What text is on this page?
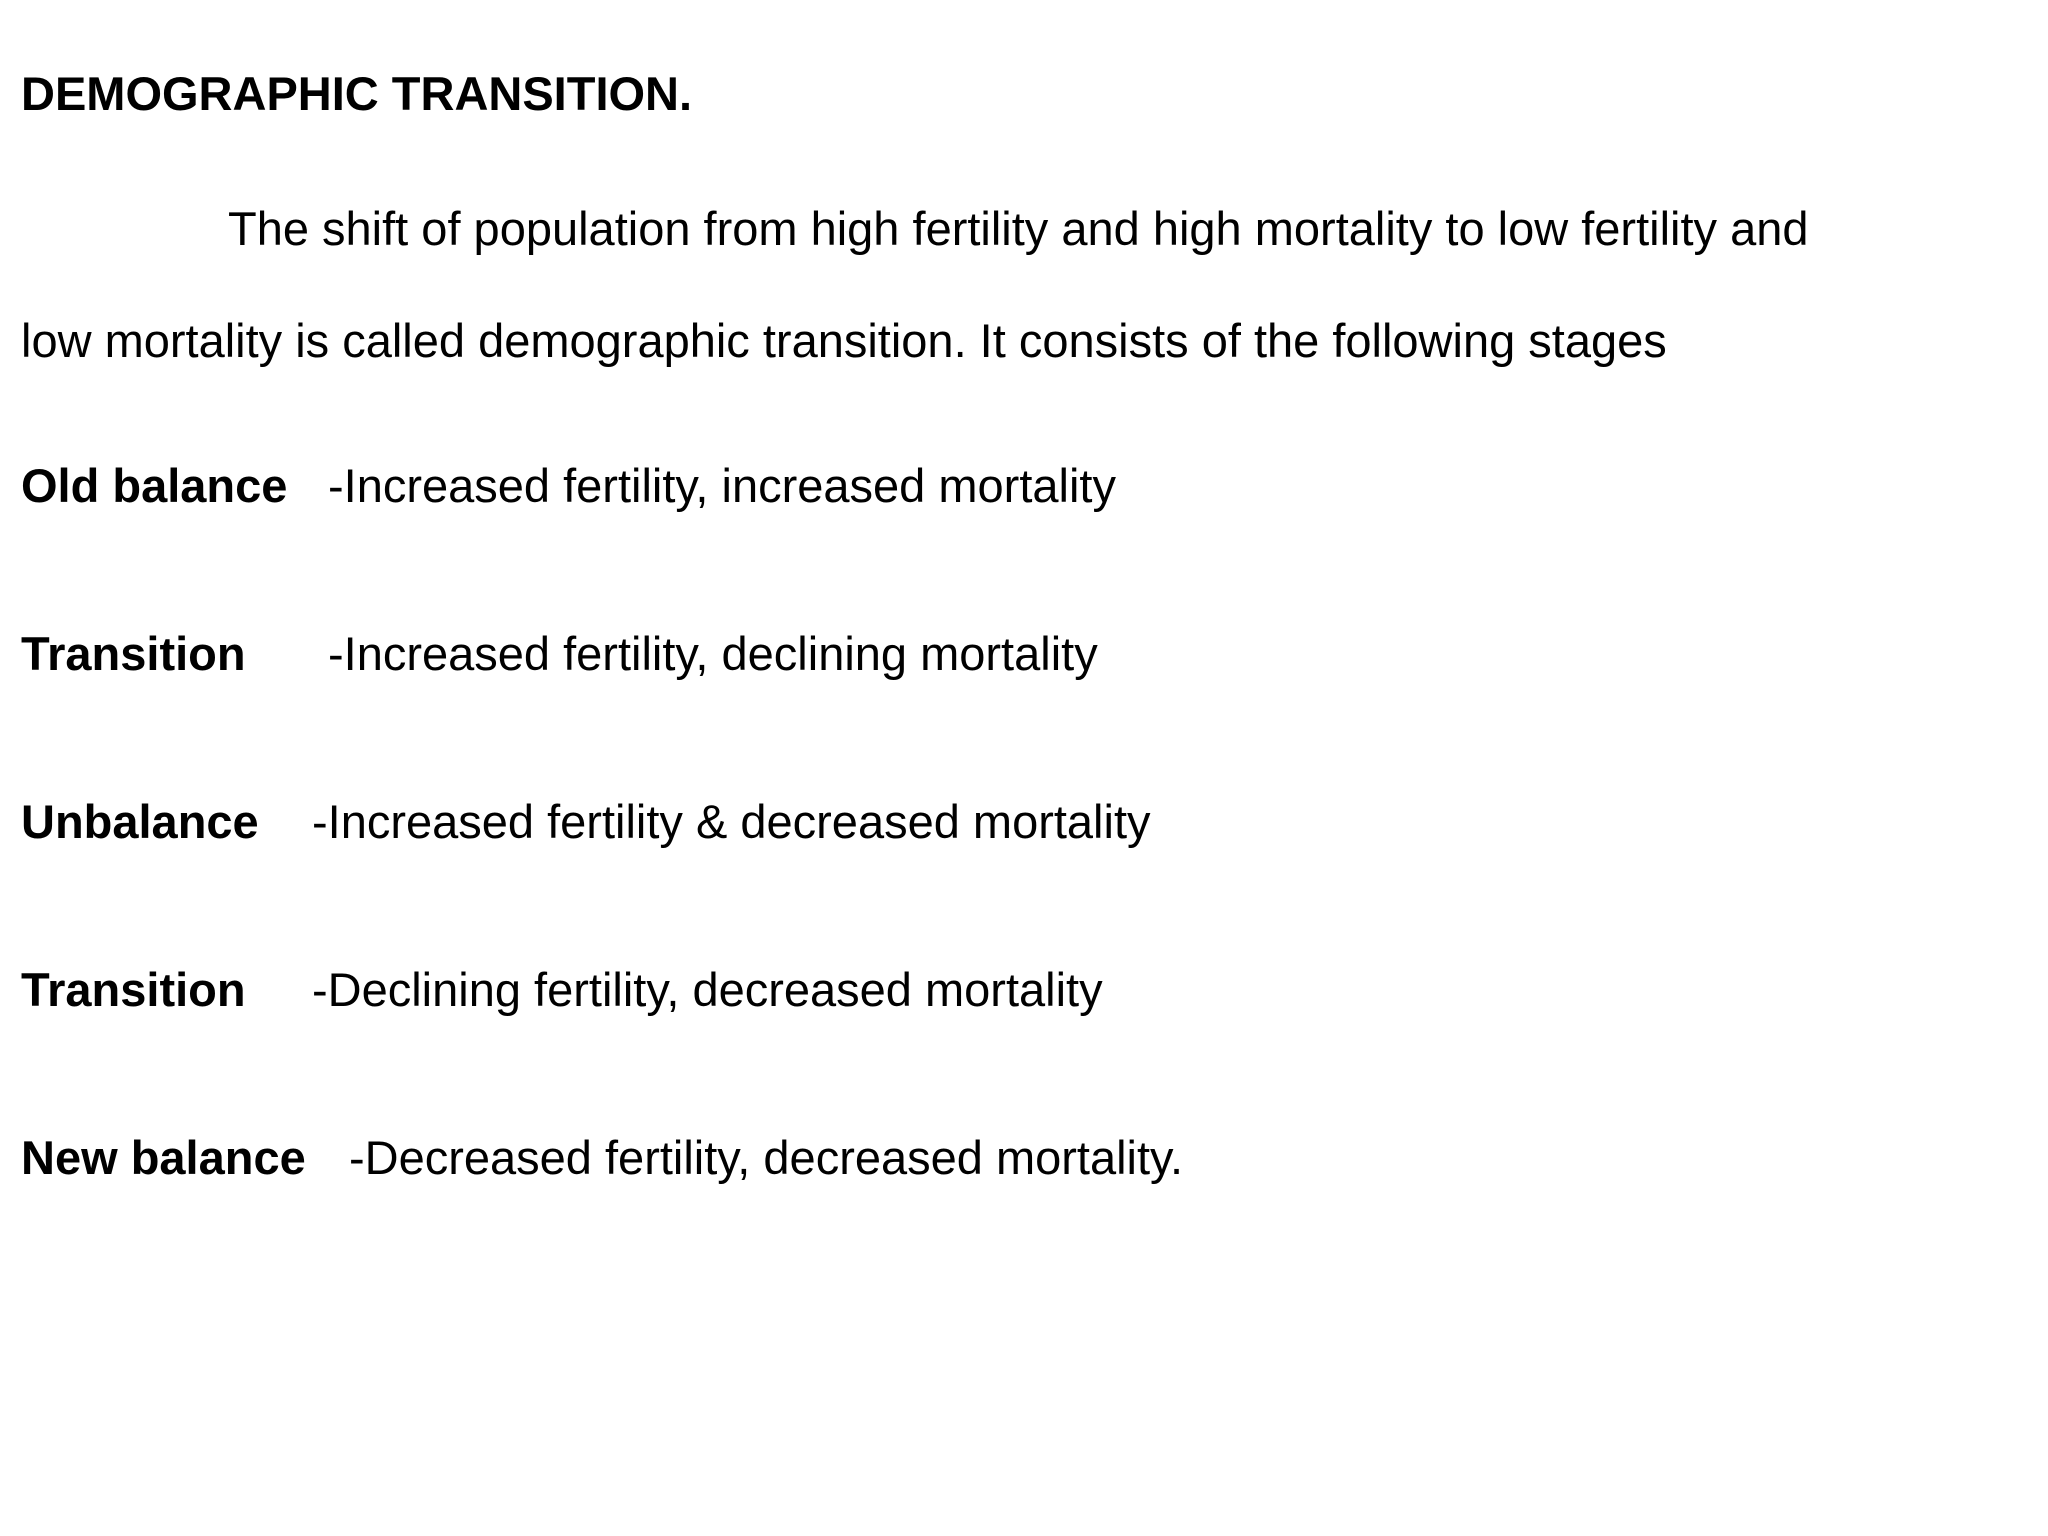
DEMOGRAPHIC TRANSITION.
The shift of population from high fertility and high mortality to low fertility and
low mortality is called demographic transition. It consists of the following stages
Old balance -Increased fertility, increased mortality
Transition -Increased fertility, declining mortality
Unbalance -Increased fertility & decreased mortality
Transition -Declining fertility, decreased mortality
New balance -Decreased fertility, decreased mortality.
